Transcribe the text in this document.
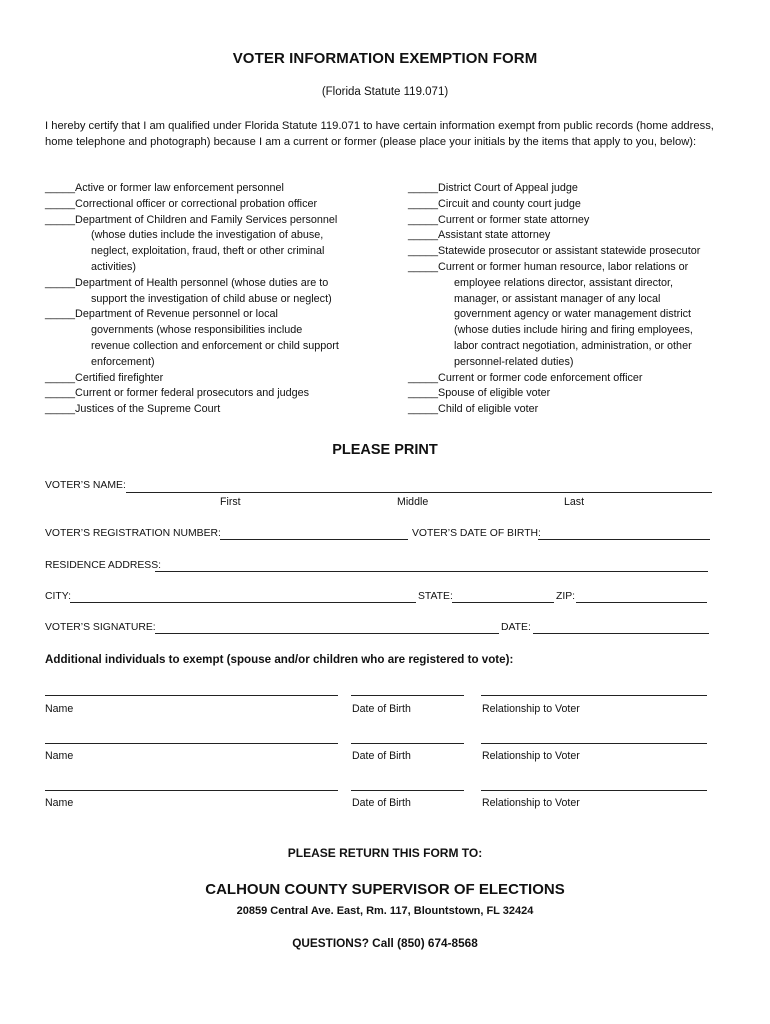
VOTER INFORMATION EXEMPTION FORM
(Florida Statute 119.071)
I hereby certify that I am qualified under Florida Statute 119.071 to have certain information exempt from public records (home address, home telephone and photograph) because I am a current or former (please place your initials by the items that apply to you, below):
_____Active or former law enforcement personnel
_____Correctional officer or correctional probation officer
_____Department of Children and Family Services personnel
(whose duties include the investigation of abuse,
neglect, exploitation, fraud, theft or other criminal
activities)
_____Department of Health personnel (whose duties are to
support the investigation of child abuse or neglect)
_____Department of Revenue personnel or local
governments (whose responsibilities include
revenue collection and enforcement or child support
enforcement)
_____Certified firefighter
_____Current or former federal prosecutors and judges
_____Justices of the Supreme Court
_____District Court of Appeal judge
_____Circuit and county court judge
_____Current or former state attorney
_____Assistant state attorney
_____Statewide prosecutor or assistant statewide prosecutor
_____Current or former human resource, labor relations or
employee relations director, assistant director,
manager, or assistant manager of any local
government agency or water management district
(whose duties include hiring and firing employees,
labor contract negotiation, administration, or other
personnel-related duties)
_____Current or former code enforcement officer
_____Spouse of eligible voter
_____Child of eligible voter
PLEASE PRINT
VOTER’S NAME:
First	Middle	Last
VOTER’S REGISTRATION NUMBER:	VOTER’S DATE OF BIRTH:
RESIDENCE ADDRESS:
CITY:	STATE:	ZIP:
VOTER’S SIGNATURE:	DATE:
Additional individuals to exempt (spouse and/or children who are registered to vote):
Name	Date of Birth	Relationship to Voter
Name	Date of Birth	Relationship to Voter
Name	Date of Birth	Relationship to Voter
PLEASE RETURN THIS FORM TO:
CALHOUN COUNTY SUPERVISOR OF ELECTIONS
20859 Central Ave. East, Rm. 117, Blountstown, FL 32424
QUESTIONS? Call (850) 674-8568
